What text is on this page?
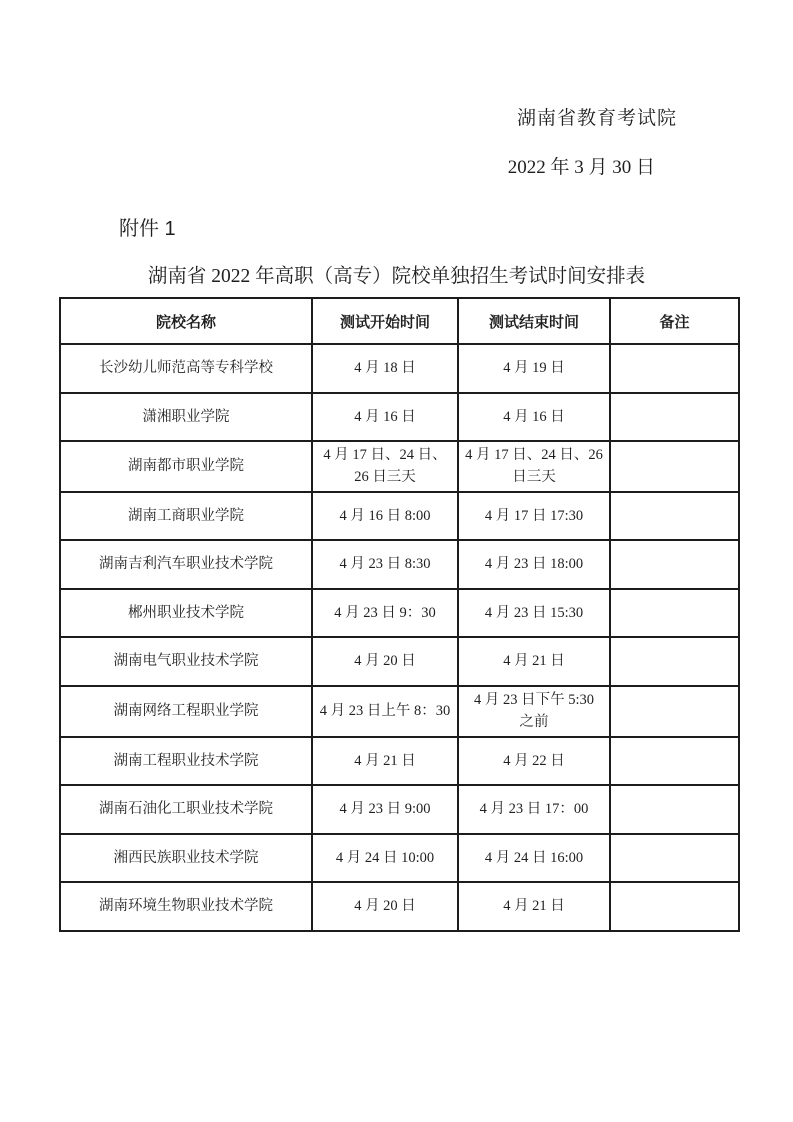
湖南省教育考试院
2022 年 3 月 30 日
附件 1
湖南省 2022 年高职（高专）院校单独招生考试时间安排表
院校名称	测试开始时间	测试结束时间	备注
长沙幼儿师范高等专科学校	4 月 18 日	4 月 19 日	
潇湘职业学院	4 月 16 日	4 月 16 日	
湖南都市职业学院	4 月 17 日、24 日、26 日三天	4 月 17 日、24 日、26 日三天	
湖南工商职业学院	4 月 16 日 8:00	4 月 17 日 17:30	
湖南吉利汽车职业技术学院	4 月 23 日 8:30	4 月 23 日 18:00	
郴州职业技术学院	4 月 23 日 9：30	4 月 23 日 15:30	
湖南电气职业技术学院	4 月 20 日	4 月 21 日	
湖南网络工程职业学院	4 月 23 日上午 8：30	4 月 23 日下午 5:30 之前	
湖南工程职业技术学院	4 月 21 日	4 月 22 日	
湖南石油化工职业技术学院	4 月 23 日 9:00	4 月 23 日 17：00	
湘西民族职业技术学院	4 月 24 日 10:00	4 月 24 日 16:00	
湖南环境生物职业技术学院	4 月 20 日	4 月 21 日	
